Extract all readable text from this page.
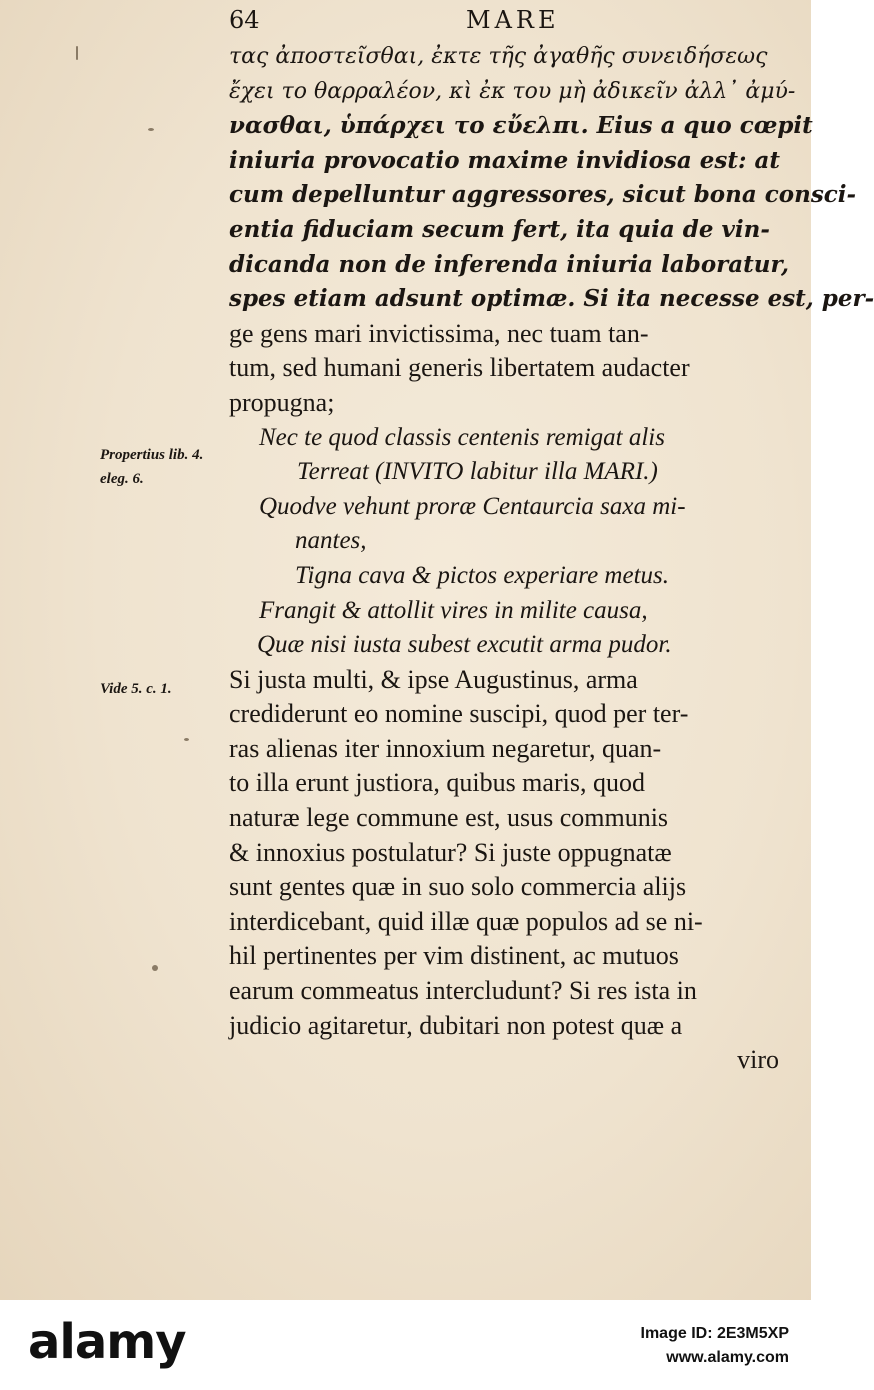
64	MARE
τας ἀποστεῖσθαι, ἐκτε τῆς ἀγαθῆς συνειδήσεως
ἔχει το θαρραλέον, κὶ ἐκ του μὴ ἀδικεῖν ἀλλ᾽ ἀμύ-
νασθαι, ὑπάρχει το εὔελπι. Eius a quo cœpit
iniuria provocatio maxime invidiosa est: at
cum depelluntur aggressores, sicut bona consci-
entia fiduciam secum fert, ita quia de vin-
dicanda non de inferenda iniuria laboratur,
spes etiam adsunt optimæ. Si ita necesse est, per-
ge gens mari invictissima, nec tuam tan-
tum, sed humani generis libertatem audacter
propugna;
Nec te quod classis centenis remigat alis
Terreat (INVITO labitur illa MARI.)
Quodve vehunt proræ Centaurcia saxa mi-
nantes,
Tigna cava & pictos experiare metus.
Frangit & attollit vires in milite causa,
Quæ nisi iusta subest excutit arma pudor.
Si justa multi, & ipse Augustinus, arma
crediderunt eo nomine suscipi, quod per ter-
ras alienas iter innoxium negaretur, quan-
to illa erunt justiora, quibus maris, quod
naturæ lege commune est, usus communis
& innoxius postulatur? Si juste oppugnatæ
sunt gentes quæ in suo solo commercia alijs
interdicebant, quid illæ quæ populos ad se ni-
hil pertinentes per vim distinent, ac mutuos
earum commeatus intercludunt? Si res ista in
judicio agitaretur, dubitari non potest quæ a
viro
Propertius lib. 4. eleg. 6.
Vide 5. c. 1.
alamy	Image ID: 2E3M5XP
www.alamy.com
